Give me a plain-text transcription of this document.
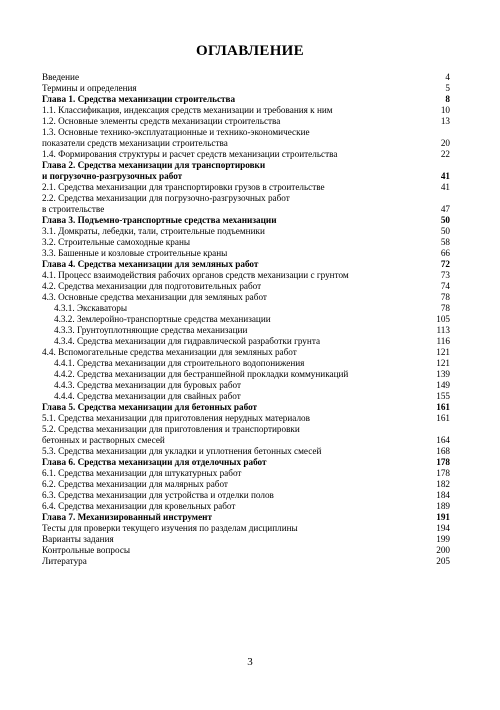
ОГЛАВЛЕНИЕ
Введение	4
Термины и определения	5
Глава 1. Средства механизации строительства	8
1.1. Классификация, индексация средств механизации и требования к ним	10
1.2. Основные элементы средств механизации строительства	13
1.3. Основные технико-эксплуатационные и технико-экономические
показатели средств механизации строительства	20
1.4. Формирования структуры и расчет средств механизации строительства	22
Глава 2. Средства механизации для транспортировки
и погрузочно-разгрузочных работ	41
2.1. Средства механизации для транспортировки грузов в строительстве	41
2.2. Средства механизации для погрузочно-разгрузочных работ
в строительстве	47
Глава 3. Подъемно-транспортные средства механизации	50
3.1. Домкраты, лебедки, тали, строительные подъемники	50
3.2. Строительные самоходные краны	58
3.3. Башенные и козловые строительные краны	66
Глава 4. Средства механизации для земляных работ	72
4.1. Процесс взаимодействия рабочих органов средств механизации с грунтом	73
4.2. Средства механизации для подготовительных работ	74
4.3. Основные средства механизации для земляных работ	78
4.3.1. Экскаваторы	78
4.3.2. Землеройно-транспортные средства механизации	105
4.3.3. Грунтоуплотняющие средства механизации	113
4.3.4. Средства механизации для гидравлической разработки грунта	116
4.4. Вспомогательные средства механизации для земляных работ	121
4.4.1. Средства механизации для строительного водопонижения	121
4.4.2. Средства механизации для бестраншейной прокладки коммуникаций	139
4.4.3. Средства механизации для буровых работ	149
4.4.4. Средства механизации для свайных работ	155
Глава 5. Средства механизации для бетонных работ	161
5.1. Средства механизации для приготовления нерудных материалов	161
5.2. Средства механизации для приготовления и транспортировки
бетонных и растворных смесей	164
5.3. Средства механизации для укладки и уплотнения бетонных смесей	168
Глава 6. Средства механизации для отделочных работ	178
6.1. Средства механизации для штукатурных работ	178
6.2. Средства механизации для малярных работ	182
6.3. Средства механизации для устройства и отделки полов	184
6.4. Средства механизации для кровельных работ	189
Глава 7. Механизированный инструмент	191
Тесты для проверки текущего изучения по разделам дисциплины	194
Варианты задания	199
Контрольные вопросы	200
Литература	205
3
